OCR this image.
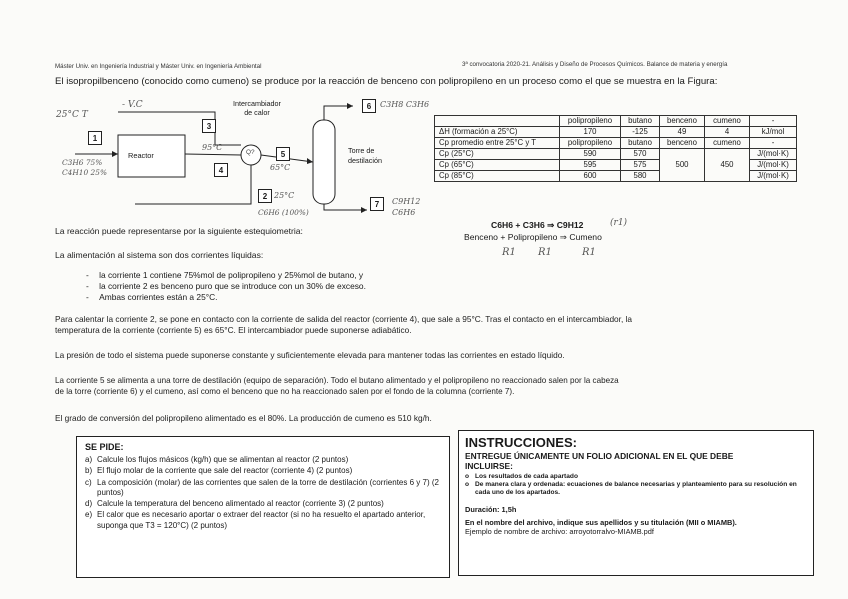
Máster Univ. en Ingeniería Industrial y Máster Univ. en Ingeniería Ambiental	3ª convocatoria 2020-21. Análisis y Diseño de Procesos Químicos. Balance de materia y energía
El isopropilbenceno (conocido como cumeno) se produce por la reacción de benceno con polipropileno en un proceso como el que se muestra en la Figura:
Reactor
Intercambiador
de calor
Torre de
destilación
Q?
1
2
3
4
5
6
7
25°C T
- V.C	C3H8 C3H6
C3H6 75%
C4H10 25%
95°C
65°C
25°C
C6H6 (100%)
C9H12
C6H6
	polipropileno	butano	benceno	cumeno	-
ΔH (formación a 25°C)	170	-125	49	4	kJ/mol
Cp promedio entre 25°C y T	polipropileno	butano	benceno	cumeno	-
Cp (25°C)	590	570	500	450	J/(mol·K)
Cp (65°C)	595	575			J/(mol·K)
Cp (85°C)	600	580			J/(mol·K)
La reacción puede representarse por la siguiente estequiometria:
C6H6 + C3H6 ⇒ C9H12	(r1)
Benceno + Polipropileno ⇒ Cumeno
R1 R1	R1
La alimentación al sistema son dos corrientes líquidas:
- la corriente 1 contiene 75%mol de polipropileno y 25%mol de butano, y
- la corriente 2 es benceno puro que se introduce con un 30% de exceso.
- Ambas corrientes están a 25°C.
Para calentar la corriente 2, se pone en contacto con la corriente de salida del reactor (corriente 4), que sale a 95°C. Tras el contacto en el intercambiador, la
temperatura de la corriente (corriente 5) es 65°C. El intercambiador puede suponerse adiabático.
La presión de todo el sistema puede suponerse constante y suficientemente elevada para mantener todas las corrientes en estado líquido.
La corriente 5 se alimenta a una torre de destilación (equipo de separación). Todo el butano alimentado y el polipropileno no reaccionado salen por la cabeza
de la torre (corriente 6) y el cumeno, así como el benceno que no ha reaccionado salen por el fondo de la columna (corriente 7).
El grado de conversión del polipropileno alimentado es el 80%. La producción de cumeno es 510 kg/h.
SE PIDE:
a) Calcule los flujos másicos (kg/h) que se alimentan al reactor (2 puntos)
b) El flujo molar de la corriente que sale del reactor (corriente 4) (2 puntos)
c) La composición (molar) de las corrientes que salen de la torre de destilación (corrientes 6 y 7) (2 puntos)
d) Calcule la temperatura del benceno alimentado al reactor (corriente 3) (2 puntos)
e) El calor que es necesario aportar o extraer del reactor (si no ha resuelto el apartado anterior, suponga que T3 = 120°C) (2 puntos)
INSTRUCCIONES:
ENTREGUE ÚNICAMENTE UN FOLIO ADICIONAL EN EL QUE DEBE
INCLUIRSE:
o Los resultados de cada apartado
o De manera clara y ordenada: ecuaciones de balance necesarias y planteamiento para su resolución en cada uno de los apartados.
Duración: 1,5h
En el nombre del archivo, indique sus apellidos y su titulación (MII o MIAMB).
Ejemplo de nombre de archivo: arroyotorralvo-MIAMB.pdf
